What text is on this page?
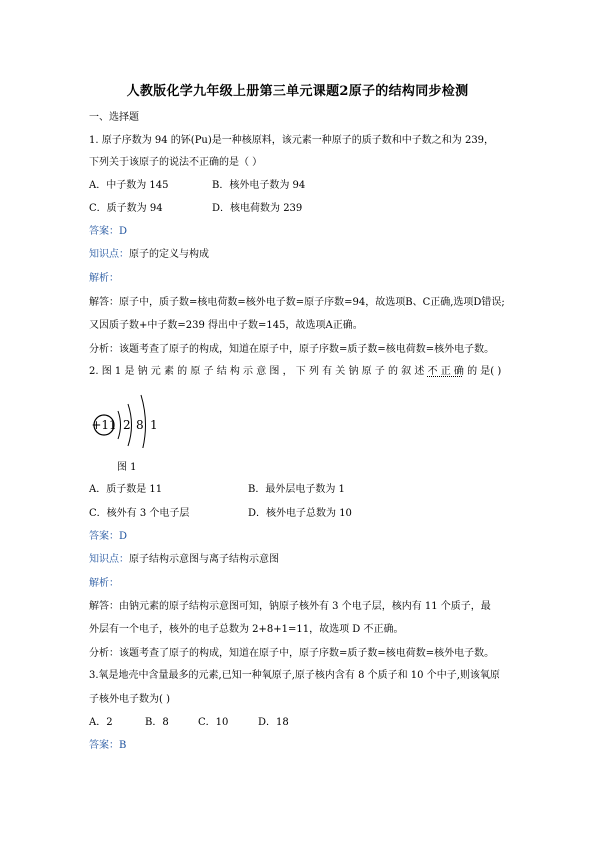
人教版化学九年级上册第三单元课题2原子的结构同步检测
一、选择题
1. 原子序数为 94 的钚(Pu)是一种核原料，该元素一种原子的质子数和中子数之和为 239，
下列关于该原子的说法不正确的是（ ）
A．中子数为 145	B．核外电子数为 94
C．质子数为 94	D．核电荷数为 239
答案：D
知识点：原子的定义与构成
解析：
解答：原子中，质子数=核电荷数=核外电子数=原子序数=94，故选项B、C正确,选项D错误;
又因质子数+中子数=239 得出中子数=145，故选项A正确。
分析：该题考查了原子的构成，知道在原子中，原子序数=质子数=核电荷数=核外电子数。
2. 图 1 是 钠 元 素 的 原 子 结 构 示 意 图 ， 下 列 有 关 钠 原 子 的 叙 述 不 正 确 的 是( )
+11 2 8 1
图 1
A．质子数是 11	B．最外层电子数为 1
C．核外有 3 个电子层	D．核外电子总数为 10
答案：D
知识点：原子结构示意图与离子结构示意图
解析：
解答：由钠元素的原子结构示意图可知，钠原子核外有 3 个电子层，核内有 11 个质子，最
外层有一个电子，核外的电子总数为 2+8+1=11，故选项 D 不正确。
分析：该题考查了原子的构成，知道在原子中，原子序数=质子数=核电荷数=核外电子数。
3.氧是地壳中含量最多的元素,已知一种氧原子,原子核内含有 8 个质子和 10 个中子,则该氧原
子核外电子数为( )
A．2	B．8	C．10	D．18
答案：B
